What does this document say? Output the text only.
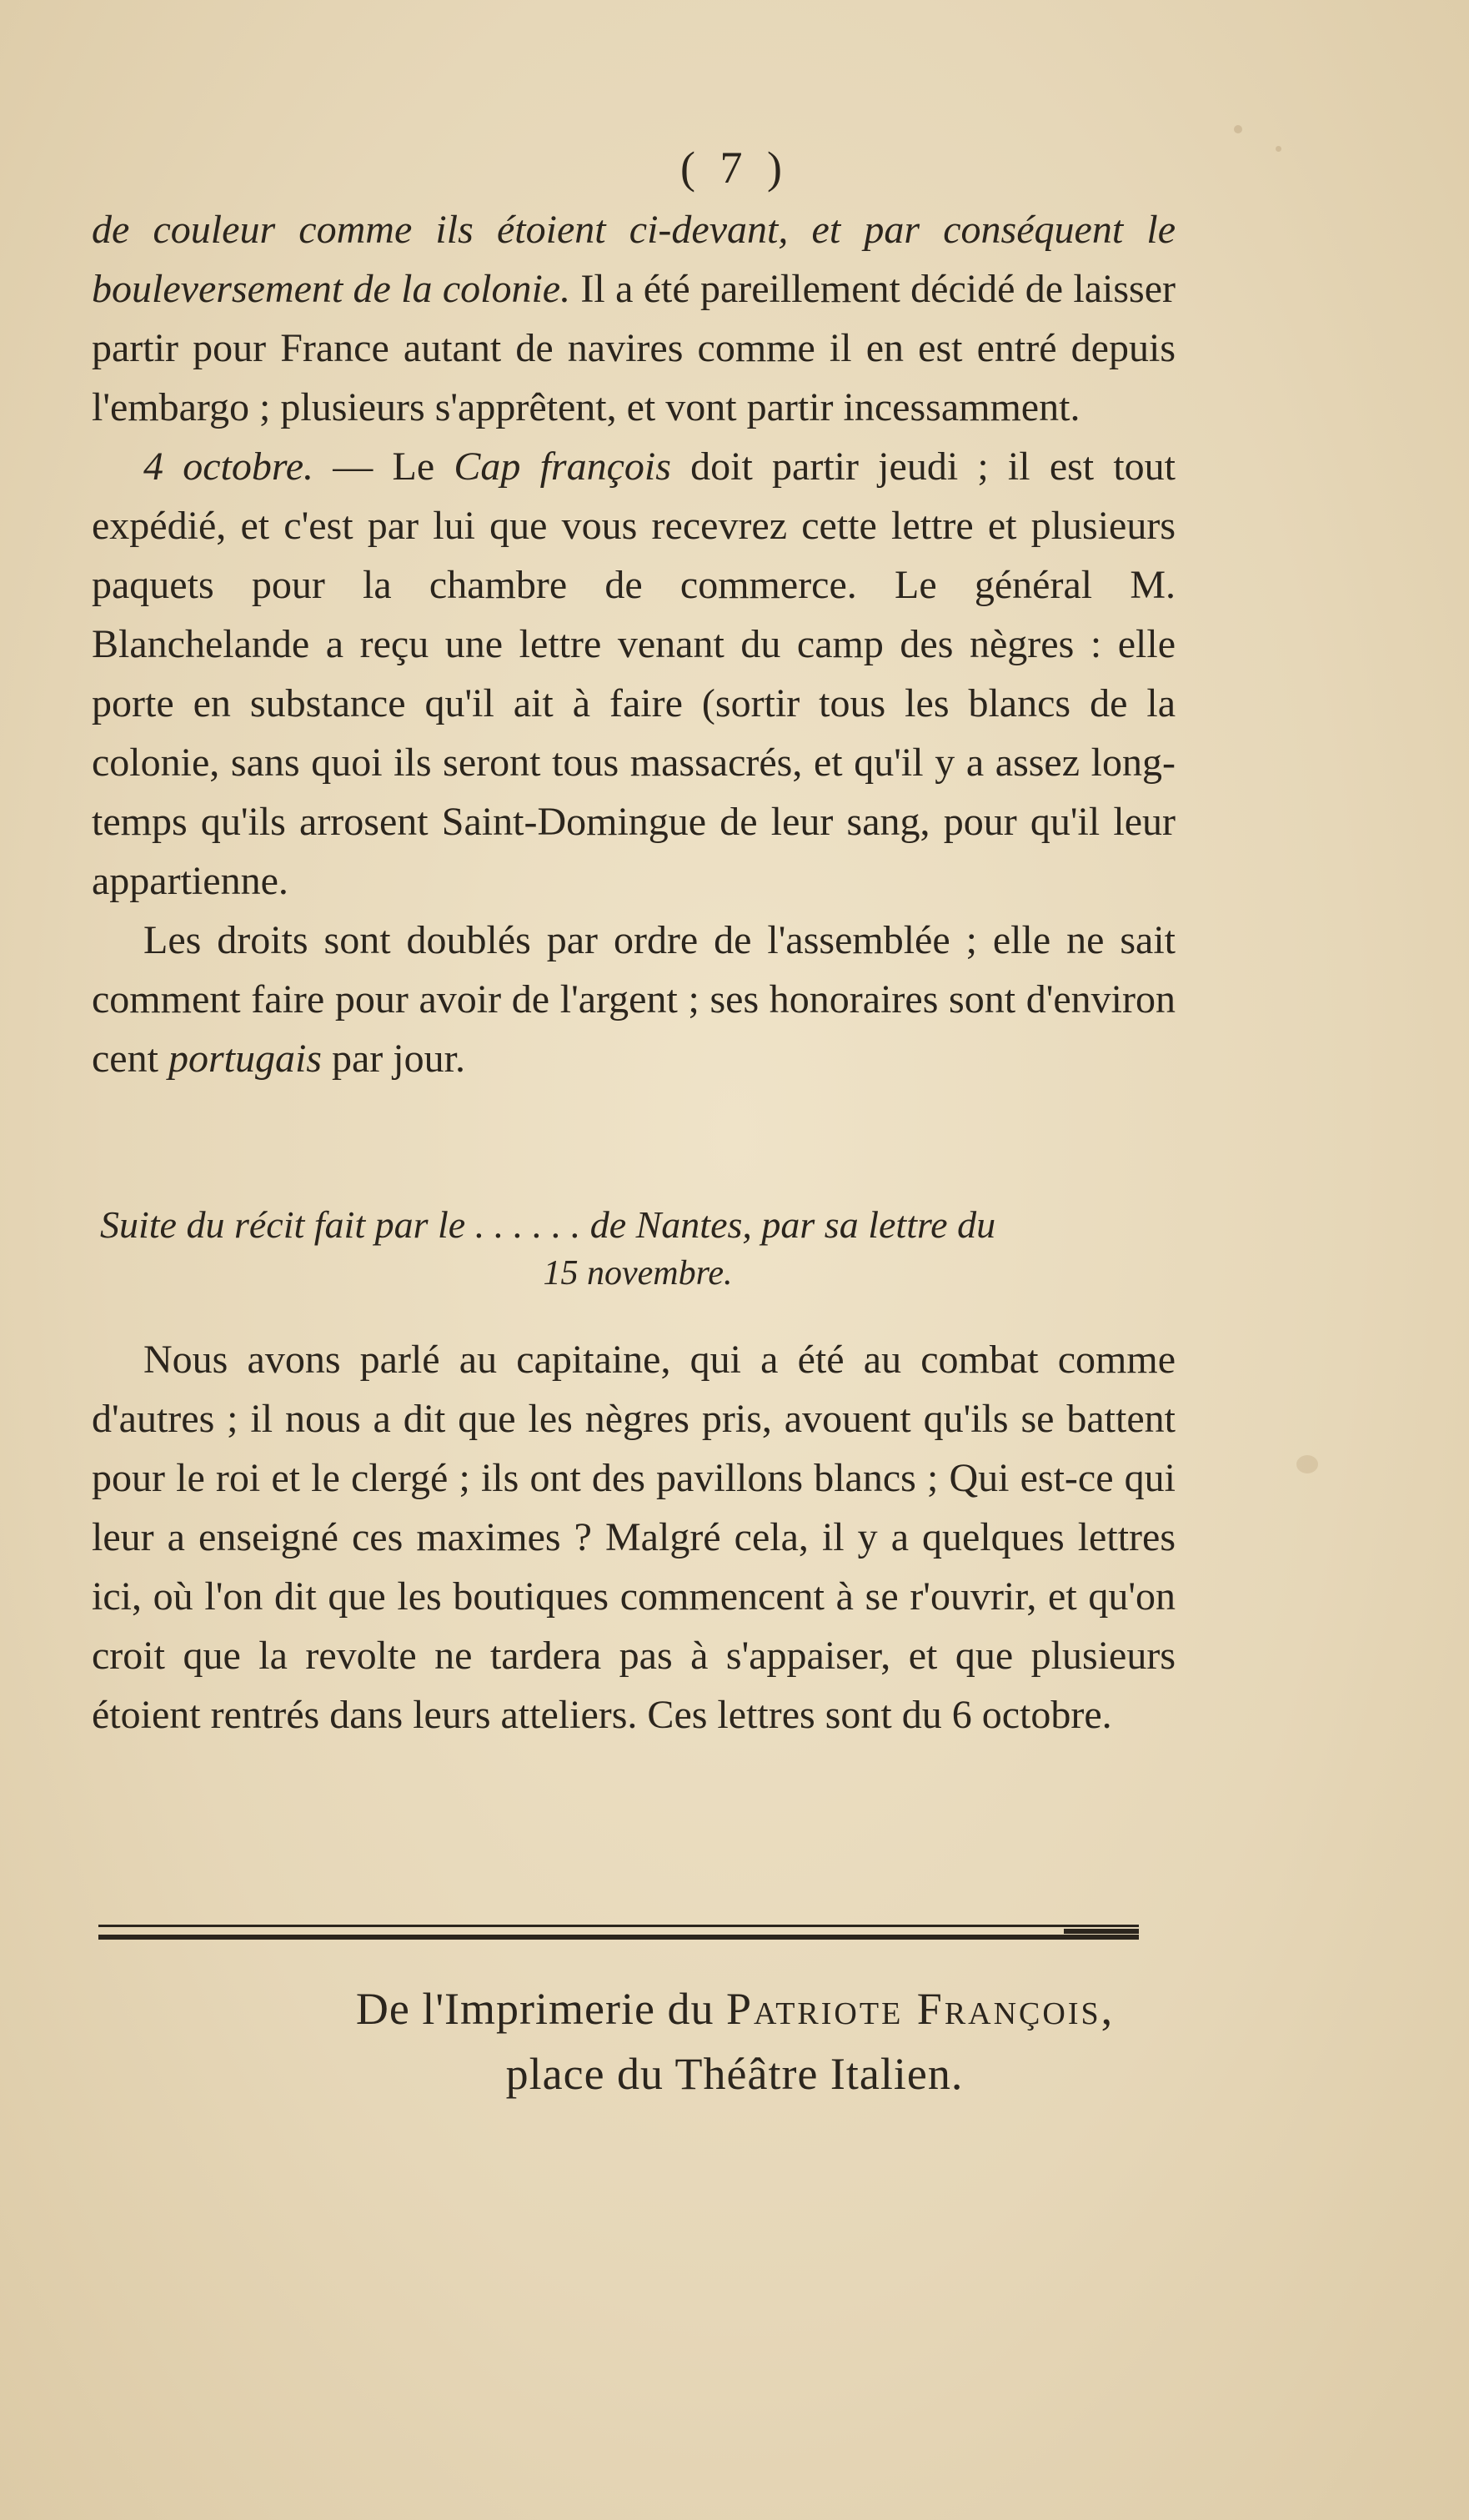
( 7 )

de couleur comme ils étoient ci-devant, et par conséquent le bouleversement de la colonie. Il a été pareillement décidé de laisser partir pour France autant de navires comme il en est entré depuis l'embargo ; plusieurs s'apprêtent, et vont partir incessamment.

4 octobre. — Le Cap françois doit partir jeudi ; il est tout expédié, et c'est par lui que vous recevrez cette lettre et plusieurs paquets pour la chambre de commerce. Le général M. Blanchelande a reçu une lettre venant du camp des nègres : elle porte en substance qu'il ait à faire (sortir tous les blancs de la colonie, sans quoi ils seront tous massacrés, et qu'il y a assez long-temps qu'ils arrosent Saint-Domingue de leur sang, pour qu'il leur appartienne.

Les droits sont doublés par ordre de l'assemblée ; elle ne sait comment faire pour avoir de l'argent ; ses honoraires sont d'environ cent portugais par jour.

Suite du récit fait par le . . . . . . de Nantes, par sa lettre du
15 novembre.

Nous avons parlé au capitaine, qui a été au combat comme d'autres ; il nous a dit que les nègres pris, avouent qu'ils se battent pour le roi et le clergé ; ils ont des pavillons blancs ; Qui est-ce qui leur a enseigné ces maximes ? Malgré cela, il y a quelques lettres ici, où l'on dit que les boutiques commencent à se r'ouvrir, et qu'on croit que la revolte ne tardera pas à s'appaiser, et que plusieurs étoient rentrés dans leurs atteliers. Ces lettres sont du 6 octobre.

De l'Imprimerie du Patriote François,

place du Théâtre Italien.
